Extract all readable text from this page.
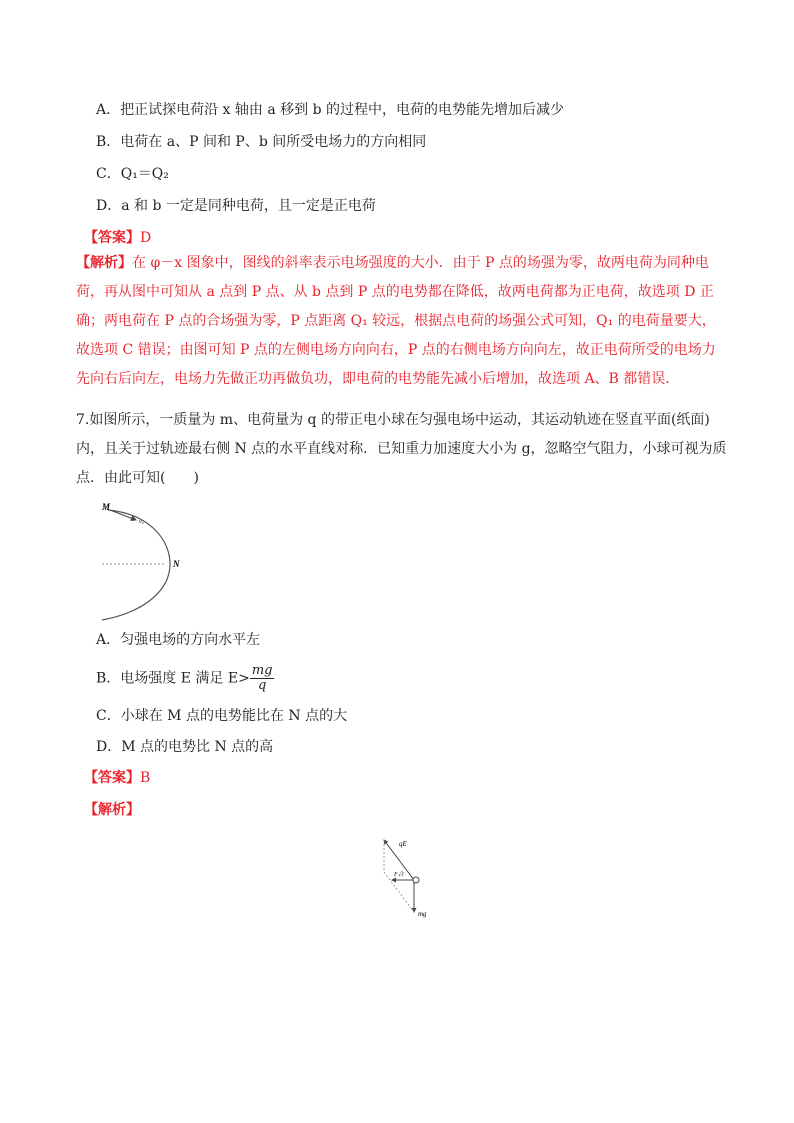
A．把正试探电荷沿 x 轴由 a 移到 b 的过程中，电荷的电势能先增加后减少
B．电荷在 a、P 间和 P、b 间所受电场力的方向相同
C．Q₁＝Q₂
D．a 和 b 一定是同种电荷，且一定是正电荷
【答案】D

【解析】在 φ－x 图象中，图线的斜率表示电场强度的大小．由于 P 点的场强为零，故两电荷为同种电荷，再从图中可知从 a 点到 P 点、从 b 点到 P 点的电势都在降低，故两电荷都为正电荷，故选项 D 正确；两电荷在 P 点的合场强为零，P 点距离 Q₁ 较远，根据点电荷的场强公式可知，Q₁ 的电荷量要大，故选项 C 错误；由图可知 P 点的左侧电场方向向右，P 点的右侧电场方向向左，故正电荷所受的电场力先向右后向左，电场力先做正功再做负功，即电荷的电势能先减小后增加，故选项 A、B 都错误．

7.如图所示，一质量为 m、电荷量为 q 的带正电小球在匀强电场中运动，其运动轨迹在竖直平面(纸面)内，且关于过轨迹最右侧 N 点的水平直线对称．已知重力加速度大小为 g，忽略空气阻力，小球可视为质点．由此可知(　　)

M
v₀
N
A．匀强电场的方向水平左
B．电场强度 E 满足 $E> \frac{mg}{q}$
C．小球在 M 点的电势能比在 N 点的大
D．M 点的电势比 N 点的高
【答案】B
【解析】
qE
F合
mg
